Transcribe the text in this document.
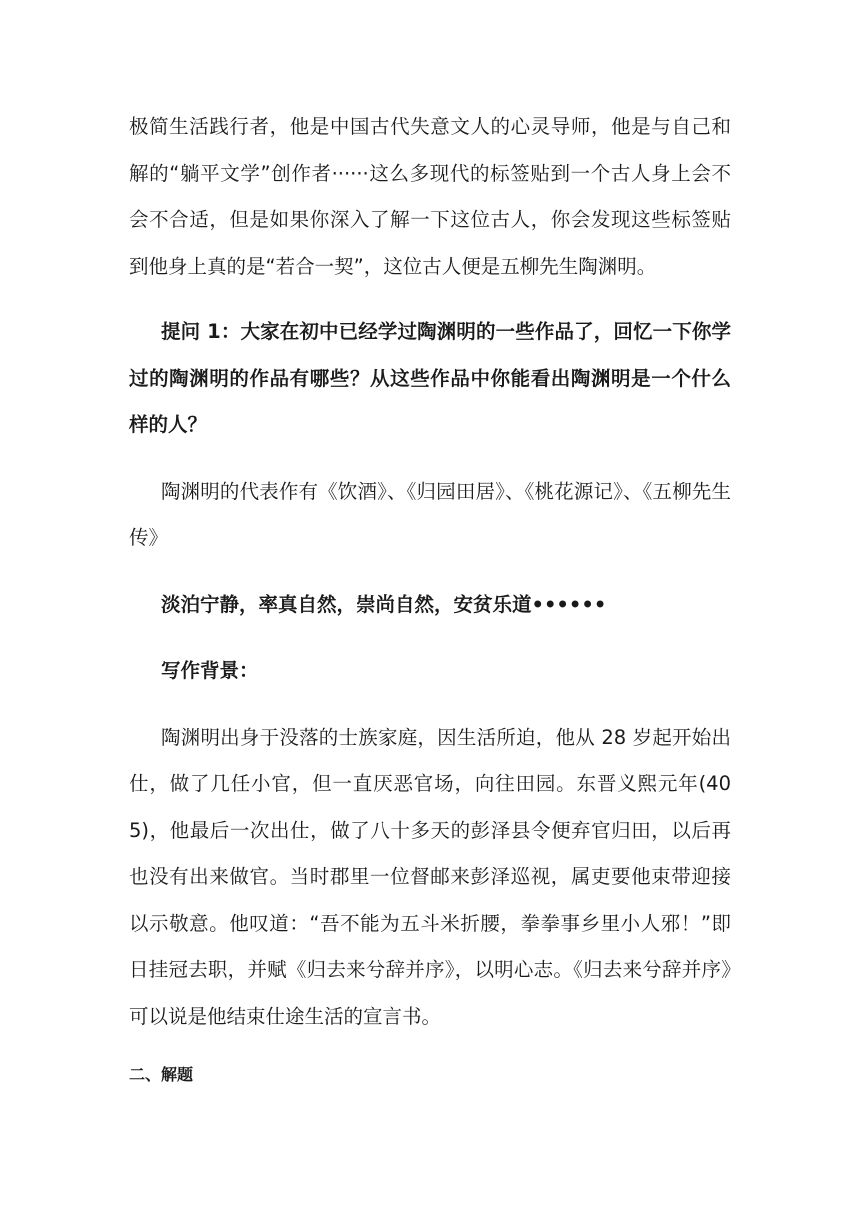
极简生活践行者，他是中国古代失意文人的心灵导师，他是与自己和解的“躺平文学”创作者······这么多现代的标签贴到一个古人身上会不会不合适，但是如果你深入了解一下这位古人，你会发现这些标签贴到他身上真的是“若合一契”，这位古人便是五柳先生陶渊明。

提问 1：大家在初中已经学过陶渊明的一些作品了，回忆一下你学过的陶渊明的作品有哪些？从这些作品中你能看出陶渊明是一个什么样的人？

陶渊明的代表作有《饮酒》、《归园田居》、《桃花源记》、《五柳先生传》

淡泊宁静，率真自然，崇尚自然，安贫乐道••••••

写作背景：

陶渊明出身于没落的士族家庭，因生活所迫，他从 28 岁起开始出仕，做了几任小官，但一直厌恶官场，向往田园。东晋义熙元年(405)，他最后一次出仕，做了八十多天的彭泽县令便弃官归田，以后再也没有出来做官。当时郡里一位督邮来彭泽巡视，属吏要他束带迎接以示敬意。他叹道：“吾不能为五斗米折腰，拳拳事乡里小人邪！”即日挂冠去职，并赋《归去来兮辞并序》，以明心志。《归去来兮辞并序》可以说是他结束仕途生活的宣言书。

二、解题
